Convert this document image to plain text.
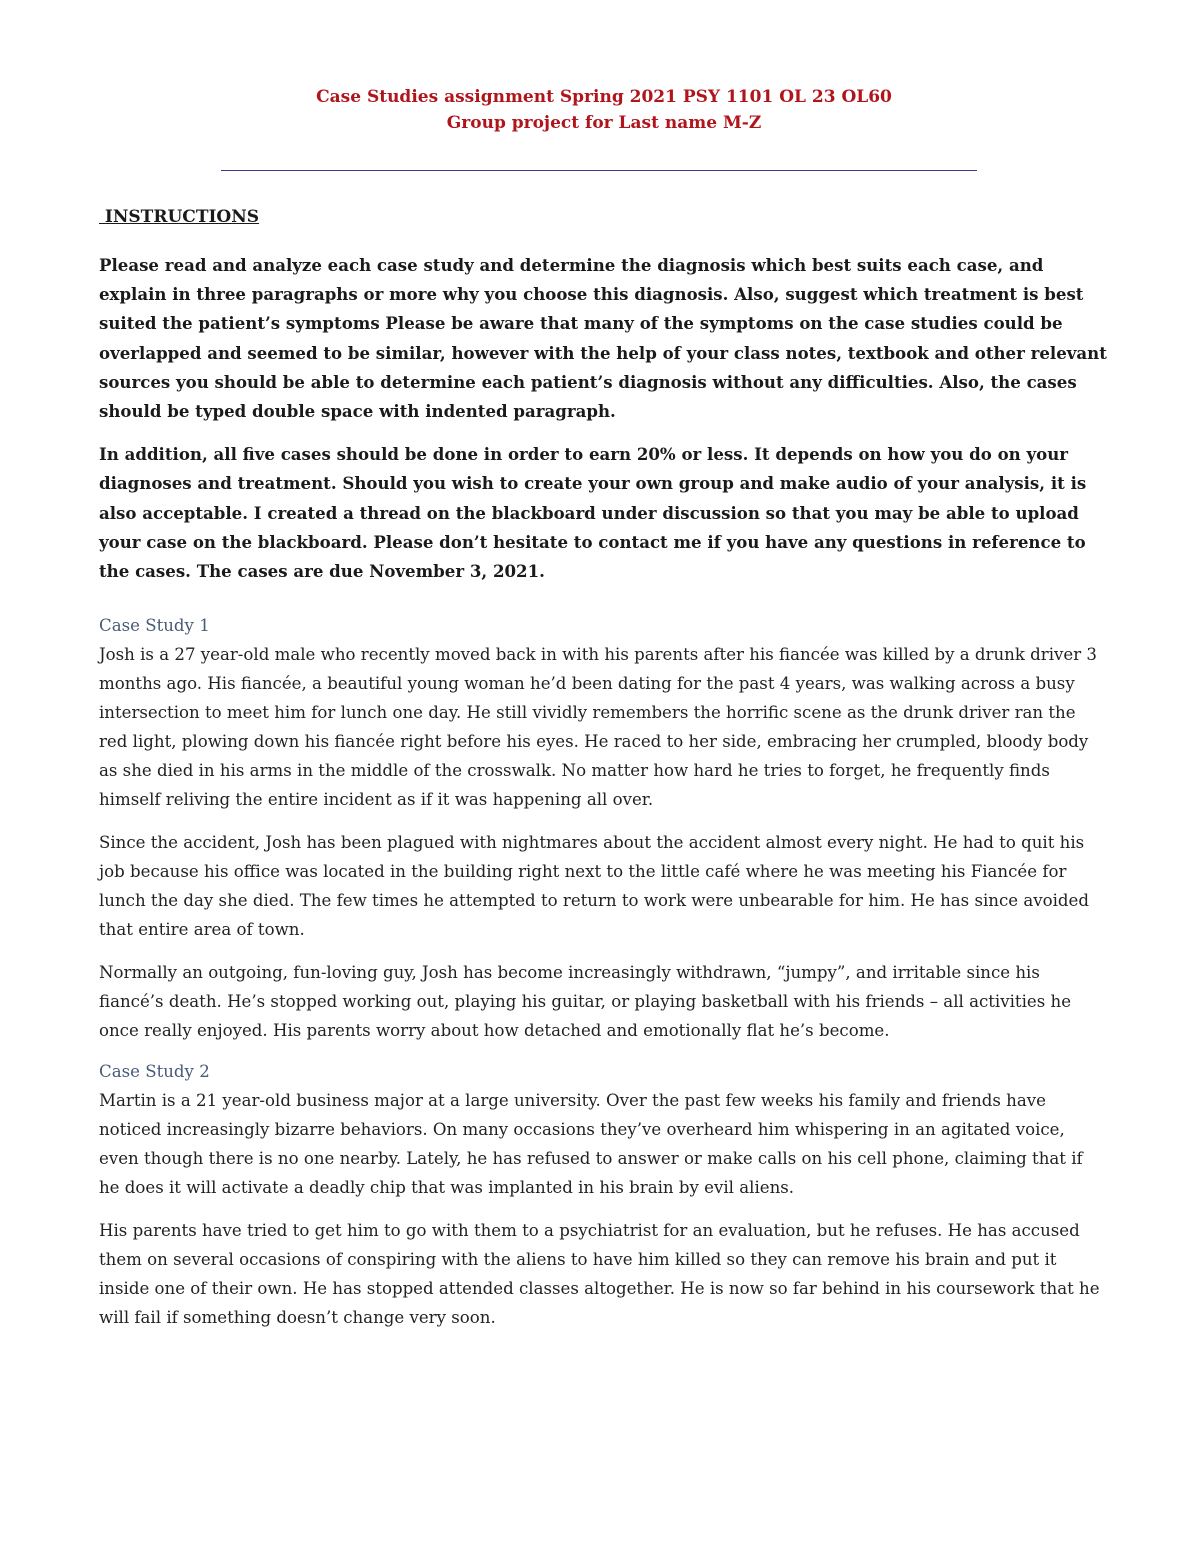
Case Studies assignment Spring 2021 PSY 1101 OL 23 OL60

Group project for Last name M-Z

INSTRUCTIONS

Please read and analyze each case study and determine the diagnosis which best suits each case, and explain in three paragraphs or more why you choose this diagnosis. Also, suggest which treatment is best suited the patient’s symptoms Please be aware that many of the symptoms on the case studies could be overlapped and seemed to be similar, however with the help of your class notes, textbook and other relevant sources you should be able to determine each patient’s diagnosis without any difficulties. Also, the cases should be typed double space with indented paragraph.

In addition, all five cases should be done in order to earn 20% or less. It depends on how you do on your diagnoses and treatment. Should you wish to create your own group and make audio of your analysis, it is also acceptable. I created a thread on the blackboard under discussion so that you may be able to upload your case on the blackboard. Please don’t hesitate to contact me if you have any questions in reference to the cases. The cases are due November 3, 2021.

Case Study 1

Josh is a 27 year-old male who recently moved back in with his parents after his fiancée was killed by a drunk driver 3 months ago. His fiancée, a beautiful young woman he’d been dating for the past 4 years, was walking across a busy intersection to meet him for lunch one day. He still vividly remembers the horrific scene as the drunk driver ran the red light, plowing down his fiancée right before his eyes. He raced to her side, embracing her crumpled, bloody body as she died in his arms in the middle of the crosswalk. No matter how hard he tries to forget, he frequently finds himself reliving the entire incident as if it was happening all over.

Since the accident, Josh has been plagued with nightmares about the accident almost every night. He had to quit his job because his office was located in the building right next to the little café where he was meeting his Fiancée for lunch the day she died. The few times he attempted to return to work were unbearable for him. He has since avoided that entire area of town.

Normally an outgoing, fun-loving guy, Josh has become increasingly withdrawn, “jumpy”, and irritable since his fiancé’s death. He’s stopped working out, playing his guitar, or playing basketball with his friends – all activities he once really enjoyed. His parents worry about how detached and emotionally flat he’s become.

Case Study 2

Martin is a 21 year-old business major at a large university. Over the past few weeks his family and friends have noticed increasingly bizarre behaviors. On many occasions they’ve overheard him whispering in an agitated voice, even though there is no one nearby. Lately, he has refused to answer or make calls on his cell phone, claiming that if he does it will activate a deadly chip that was implanted in his brain by evil aliens.

His parents have tried to get him to go with them to a psychiatrist for an evaluation, but he refuses. He has accused them on several occasions of conspiring with the aliens to have him killed so they can remove his brain and put it inside one of their own. He has stopped attended classes altogether. He is now so far behind in his coursework that he will fail if something doesn’t change very soon.
